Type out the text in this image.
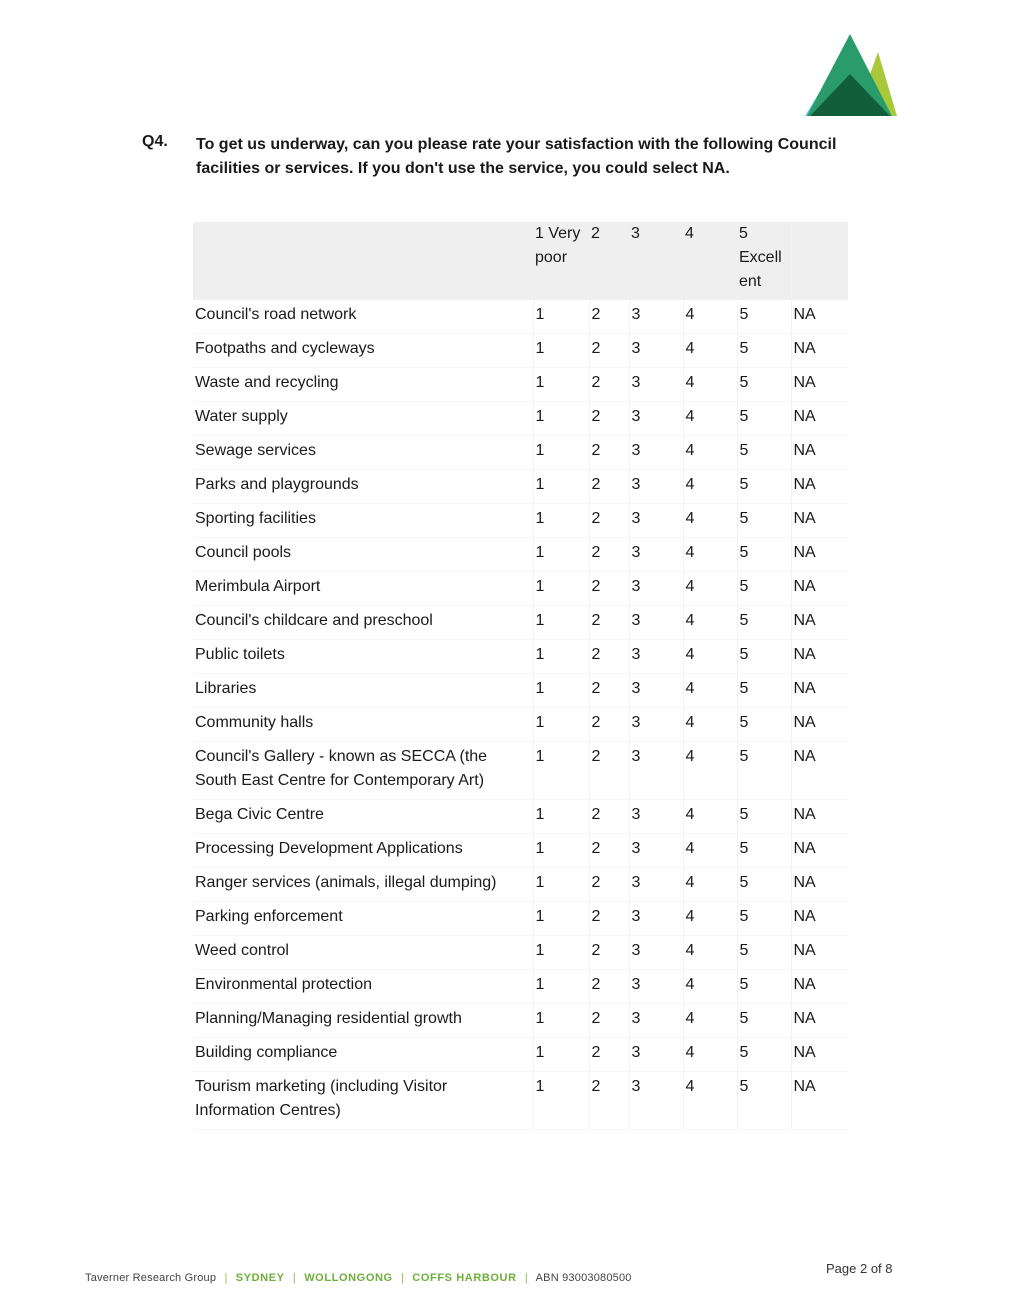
Q4. To get us underway, can you please rate your satisfaction with the following Council facilities or services. If you don't use the service, you could select NA.
	1 Very poor	2	3	4	5 Excell ent	
Council's road network	1	2	3	4	5	NA
Footpaths and cycleways	1	2	3	4	5	NA
Waste and recycling	1	2	3	4	5	NA
Water supply	1	2	3	4	5	NA
Sewage services	1	2	3	4	5	NA
Parks and playgrounds	1	2	3	4	5	NA
Sporting facilities	1	2	3	4	5	NA
Council pools	1	2	3	4	5	NA
Merimbula Airport	1	2	3	4	5	NA
Council's childcare and preschool	1	2	3	4	5	NA
Public toilets	1	2	3	4	5	NA
Libraries	1	2	3	4	5	NA
Community halls	1	2	3	4	5	NA
Council's Gallery - known as SECCA (the South East Centre for Contemporary Art)	1	2	3	4	5	NA
Bega Civic Centre	1	2	3	4	5	NA
Processing Development Applications	1	2	3	4	5	NA
Ranger services (animals, illegal dumping)	1	2	3	4	5	NA
Parking enforcement	1	2	3	4	5	NA
Weed control	1	2	3	4	5	NA
Environmental protection	1	2	3	4	5	NA
Planning/Managing residential growth	1	2	3	4	5	NA
Building compliance	1	2	3	4	5	NA
Tourism marketing (including Visitor Information Centres)	1	2	3	4	5	NA
Taverner Research Group | SYDNEY | WOLLONGONG | COFFS HARBOUR | ABN 93003080500
Page 2 of 8
